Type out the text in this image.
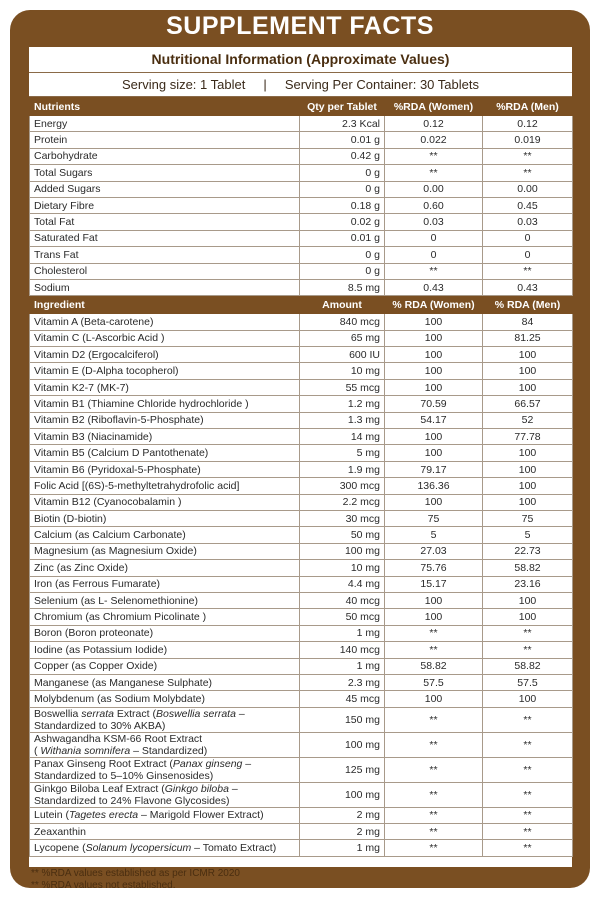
SUPPLEMENT FACTS
Nutritional Information (Approximate Values)
Serving size: 1 Tablet     |     Serving Per Container: 30 Tablets
Nutrients	Qty per Tablet	%RDA (Women)	%RDA (Men)
Energy	2.3 Kcal	0.12	0.12
Protein	0.01 g	0.022	0.019
Carbohydrate	0.42 g	**	**
Total Sugars	0 g	**	**
Added Sugars	0 g	0.00	0.00
Dietary Fibre	0.18 g	0.60	0.45
Total Fat	0.02 g	0.03	0.03
Saturated Fat	0.01 g	0	0
Trans Fat	0 g	0	0
Cholesterol	0 g	**	**
Sodium	8.5 mg	0.43	0.43
Ingredient	Amount	% RDA (Women)	% RDA (Men)
Vitamin A (Beta-carotene)	840 mcg	100	84
Vitamin C (L-Ascorbic Acid )	65 mg	100	81.25
Vitamin D2 (Ergocalciferol)	600 IU	100	100
Vitamin E (D-Alpha tocopherol)	10 mg	100	100
Vitamin K2-7 (MK-7)	55 mcg	100	100
Vitamin B1 (Thiamine Chloride hydrochloride )	1.2 mg	70.59	66.57
Vitamin B2 (Riboflavin-5-Phosphate)	1.3 mg	54.17	52
Vitamin B3 (Niacinamide)	14 mg	100	77.78
Vitamin B5 (Calcium D Pantothenate)	5 mg	100	100
Vitamin B6 (Pyridoxal-5-Phosphate)	1.9 mg	79.17	100
Folic Acid [(6S)-5-methyltetrahydrofolic acid]	300 mcg	136.36	100
Vitamin B12 (Cyanocobalamin )	2.2 mcg	100	100
Biotin (D-biotin)	30 mcg	75	75
Calcium (as Calcium Carbonate)	50 mg	5	5
Magnesium (as Magnesium Oxide)	100 mg	27.03	22.73
Zinc (as Zinc Oxide)	10 mg	75.76	58.82
Iron (as Ferrous Fumarate)	4.4 mg	15.17	23.16
Selenium (as L- Selenomethionine)	40 mcg	100	100
Chromium (as Chromium Picolinate )	50 mcg	100	100
Boron (Boron proteonate)	1 mg	**	**
Iodine (as Potassium Iodide)	140 mcg	**	**
Copper (as Copper Oxide)	1 mg	58.82	58.82
Manganese (as Manganese Sulphate)	2.3 mg	57.5	57.5
Molybdenum (as Sodium Molybdate)	45 mcg	100	100

Boswellia serrata Extract (Boswellia serrata –
Standardized to 30% AKBA)	150 mg	**	**

Ashwagandha KSM-66 Root Extract
( Withania somnifera – Standardized)	100 mg	**	**

Panax Ginseng Root Extract (Panax ginseng –
Standardized to 5–10% Ginsenosides)	125 mg	**	**

Ginkgo Biloba Leaf Extract (Ginkgo biloba –
Standardized to 24% Flavone Glycosides)	100 mg	**	**
Lutein (Tagetes erecta – Marigold Flower Extract)	2 mg	**	**
Zeaxanthin	2 mg	**	**
Lycopene (Solanum lycopersicum – Tomato Extract)	1 mg	**	**
** %RDA values established as per ICMR 2020
** %RDA values not established.
